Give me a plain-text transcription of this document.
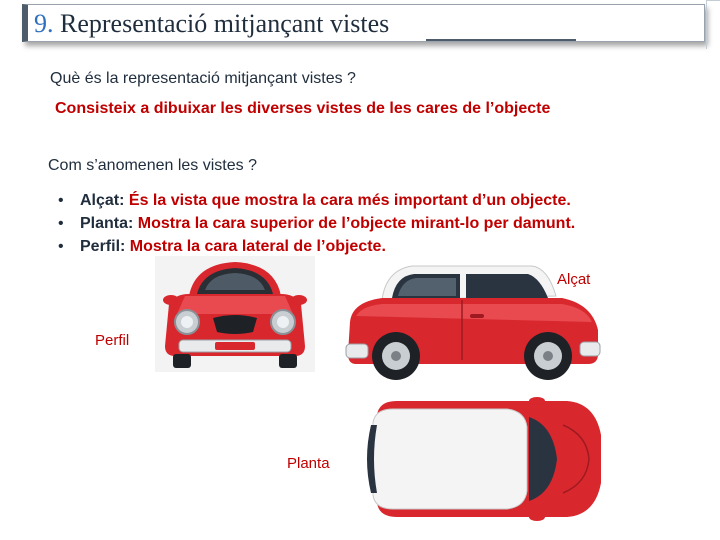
9. Representació mitjançant vistes
Què és la representació mitjançant vistes ?
Consisteix a dibuixar les diverses vistes de les cares de l’objecte
Com s’anomenen les vistes ?
• Alçat: És la vista que mostra la cara més important d’un objecte.
• Planta: Mostra la cara superior de l’objecte mirant-lo per damunt.
• Perfil: Mostra la cara lateral de l’objecte.
Alçat
Perfil
Planta
